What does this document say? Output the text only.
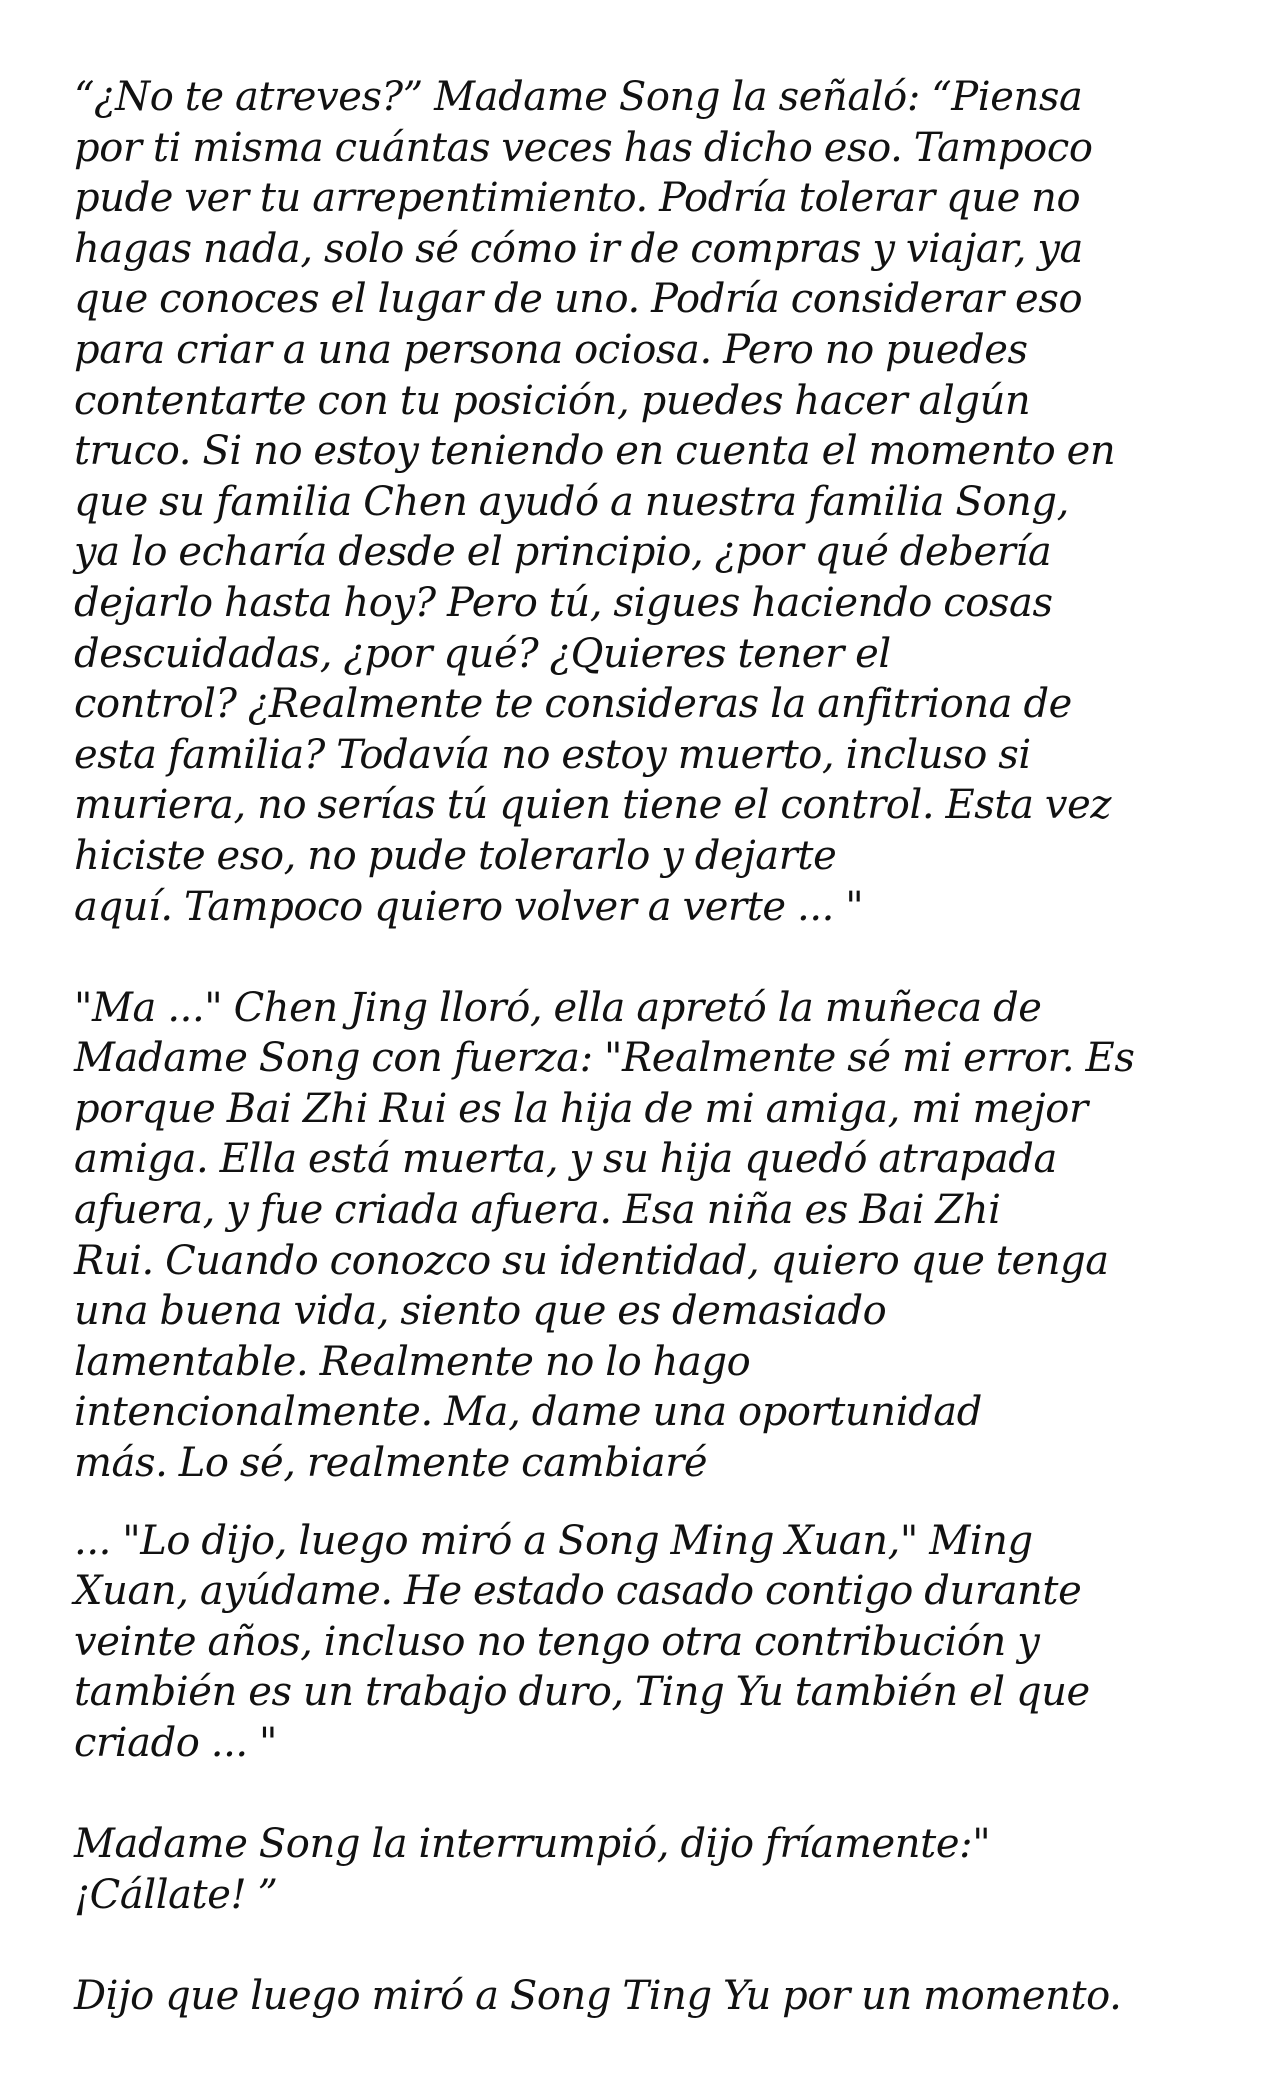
“¿No te atreves?” Madame Song la señaló: “Piensa
por ti misma cuántas veces has dicho eso. Tampoco
pude ver tu arrepentimiento. Podría tolerar que no
hagas nada, solo sé cómo ir de compras y viajar, ya
que conoces el lugar de uno. Podría considerar eso
para criar a una persona ociosa. Pero no puedes
contentarte con tu posición, puedes hacer algún
truco. Si no estoy teniendo en cuenta el momento en
que su familia Chen ayudó a nuestra familia Song,
ya lo echaría desde el principio, ¿por qué debería
dejarlo hasta hoy? Pero tú, sigues haciendo cosas
descuidadas, ¿por qué? ¿Quieres tener el
control? ¿Realmente te consideras la anfitriona de
esta familia? Todavía no estoy muerto, incluso si
muriera, no serías tú quien tiene el control. Esta vez
hiciste eso, no pude tolerarlo y dejarte
aquí. Tampoco quiero volver a verte ... "

"Ma ..." Chen Jing lloró, ella apretó la muñeca de
Madame Song con fuerza: "Realmente sé mi error. Es
porque Bai Zhi Rui es la hija de mi amiga, mi mejor
amiga. Ella está muerta, y su hija quedó atrapada
afuera, y fue criada afuera. Esa niña es Bai Zhi
Rui. Cuando conozco su identidad, quiero que tenga
una buena vida, siento que es demasiado
lamentable. Realmente no lo hago
intencionalmente. Ma, dame una oportunidad
más. Lo sé, realmente cambiaré

... "Lo dijo, luego miró a Song Ming Xuan," Ming
Xuan, ayúdame. He estado casado contigo durante
veinte años, incluso no tengo otra contribución y
también es un trabajo duro, Ting Yu también el que
criado ... "

Madame Song la interrumpió, dijo fríamente:"
¡Cállate! ”

Dijo que luego miró a Song Ting Yu por un momento.
